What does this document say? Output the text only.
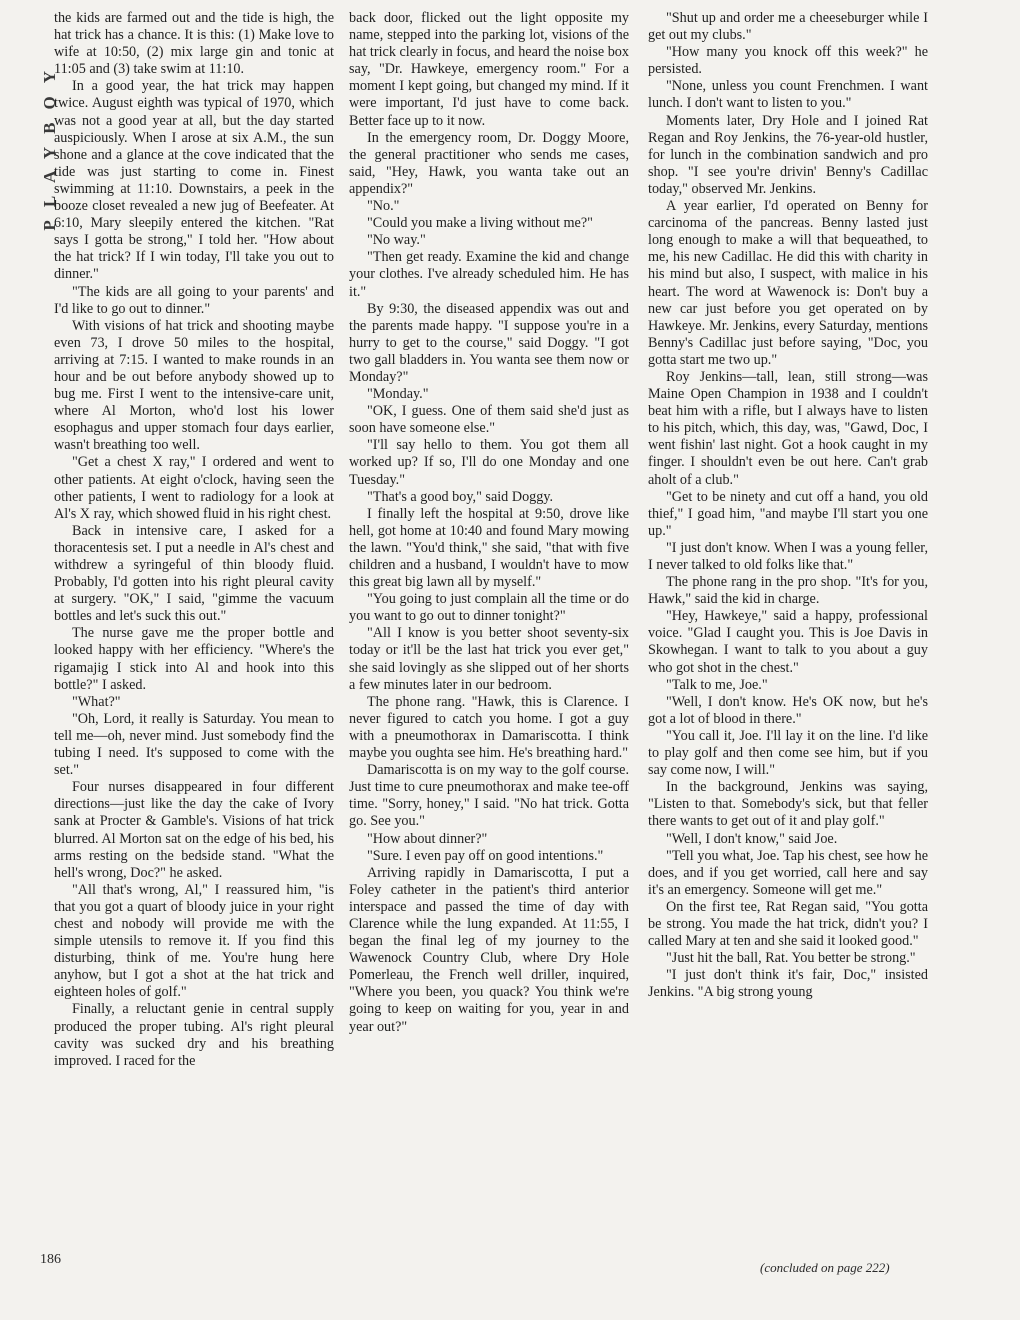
PLAYBOY
186

the kids are farmed out and the tide is high, the hat trick has a chance. It is this: (1) Make love to wife at 10:50, (2) mix large gin and tonic at 11:05 and (3) take swim at 11:10.

In a good year, the hat trick may happen twice. August eighth was typical of 1970, which was not a good year at all, but the day started auspiciously. When I arose at six A.M., the sun shone and a glance at the cove indicated that the tide was just starting to come in. Finest swimming at 11:10. Downstairs, a peek in the booze closet revealed a new jug of Beefeater. At 6:10, Mary sleepily entered the kitchen. "Rat says I gotta be strong," I told her. "How about the hat trick? If I win today, I'll take you out to dinner."

"The kids are all going to your parents' and I'd like to go out to dinner."

With visions of hat trick and shooting maybe even 73, I drove 50 miles to the hospital, arriving at 7:15. I wanted to make rounds in an hour and be out before anybody showed up to bug me. First I went to the intensive-care unit, where Al Morton, who'd lost his lower esophagus and upper stomach four days earlier, wasn't breathing too well.

"Get a chest X ray," I ordered and went to other patients. At eight o'clock, having seen the other patients, I went to radiology for a look at Al's X ray, which showed fluid in his right chest.

Back in intensive care, I asked for a thoracentesis set. I put a needle in Al's chest and withdrew a syringeful of thin bloody fluid. Probably, I'd gotten into his right pleural cavity at surgery. "OK," I said, "gimme the vacuum bottles and let's suck this out."

The nurse gave me the proper bottle and looked happy with her efficiency. "Where's the rigamajig I stick into Al and hook into this bottle?" I asked.

"What?"

"Oh, Lord, it really is Saturday. You mean to tell me—oh, never mind. Just somebody find the tubing I need. It's supposed to come with the set."

Four nurses disappeared in four different directions—just like the day the cake of Ivory sank at Procter & Gamble's. Visions of hat trick blurred. Al Morton sat on the edge of his bed, his arms resting on the bedside stand. "What the hell's wrong, Doc?" he asked.

"All that's wrong, Al," I reassured him, "is that you got a quart of bloody juice in your right chest and nobody will provide me with the simple utensils to remove it. If you find this disturbing, think of me. You're hung here anyhow, but I got a shot at the hat trick and eighteen holes of golf."

Finally, a reluctant genie in central supply produced the proper tubing. Al's right pleural cavity was sucked dry and his breathing improved. I raced for the

back door, flicked out the light opposite my name, stepped into the parking lot, visions of the hat trick clearly in focus, and heard the noise box say, "Dr. Hawkeye, emergency room." For a moment I kept going, but changed my mind. If it were important, I'd just have to come back. Better face up to it now.

In the emergency room, Dr. Doggy Moore, the general practitioner who sends me cases, said, "Hey, Hawk, you wanta take out an appendix?"

"No."

"Could you make a living without me?"

"No way."

"Then get ready. Examine the kid and change your clothes. I've already scheduled him. He has it."

By 9:30, the diseased appendix was out and the parents made happy. "I suppose you're in a hurry to get to the course," said Doggy. "I got two gall bladders in. You wanta see them now or Monday?"

"Monday."

"OK, I guess. One of them said she'd just as soon have someone else."

"I'll say hello to them. You got them all worked up? If so, I'll do one Monday and one Tuesday."

"That's a good boy," said Doggy.

I finally left the hospital at 9:50, drove like hell, got home at 10:40 and found Mary mowing the lawn. "You'd think," she said, "that with five children and a husband, I wouldn't have to mow this great big lawn all by myself."

"You going to just complain all the time or do you want to go out to dinner tonight?"

"All I know is you better shoot seventy-six today or it'll be the last hat trick you ever get," she said lovingly as she slipped out of her shorts a few minutes later in our bedroom.

The phone rang. "Hawk, this is Clarence. I never figured to catch you home. I got a guy with a pneumothorax in Damariscotta. I think maybe you oughta see him. He's breathing hard."

Damariscotta is on my way to the golf course. Just time to cure pneumothorax and make tee-off time. "Sorry, honey," I said. "No hat trick. Gotta go. See you."

"How about dinner?"

"Sure. I even pay off on good intentions."

Arriving rapidly in Damariscotta, I put a Foley catheter in the patient's third anterior interspace and passed the time of day with Clarence while the lung expanded. At 11:55, I began the final leg of my journey to the Wawenock Country Club, where Dry Hole Pomerleau, the French well driller, inquired, "Where you been, you quack? You think we're going to keep on waiting for you, year in and year out?"

"Shut up and order me a cheeseburger while I get out my clubs."

"How many you knock off this week?" he persisted.

"None, unless you count Frenchmen. I want lunch. I don't want to listen to you."

Moments later, Dry Hole and I joined Rat Regan and Roy Jenkins, the 76-year-old hustler, for lunch in the combination sandwich and pro shop. "I see you're drivin' Benny's Cadillac today," observed Mr. Jenkins.

A year earlier, I'd operated on Benny for carcinoma of the pancreas. Benny lasted just long enough to make a will that bequeathed, to me, his new Cadillac. He did this with charity in his mind but also, I suspect, with malice in his heart. The word at Wawenock is: Don't buy a new car just before you get operated on by Hawkeye. Mr. Jenkins, every Saturday, mentions Benny's Cadillac just before saying, "Doc, you gotta start me two up."

Roy Jenkins—tall, lean, still strong—was Maine Open Champion in 1938 and I couldn't beat him with a rifle, but I always have to listen to his pitch, which, this day, was, "Gawd, Doc, I went fishin' last night. Got a hook caught in my finger. I shouldn't even be out here. Can't grab aholt of a club."

"Get to be ninety and cut off a hand, you old thief," I goad him, "and maybe I'll start you one up."

"I just don't know. When I was a young feller, I never talked to old folks like that."

The phone rang in the pro shop. "It's for you, Hawk," said the kid in charge.

"Hey, Hawkeye," said a happy, professional voice. "Glad I caught you. This is Joe Davis in Skowhegan. I want to talk to you about a guy who got shot in the chest."

"Talk to me, Joe."

"Well, I don't know. He's OK now, but he's got a lot of blood in there."

"You call it, Joe. I'll lay it on the line. I'd like to play golf and then come see him, but if you say come now, I will."

In the background, Jenkins was saying, "Listen to that. Somebody's sick, but that feller there wants to get out of it and play golf."

"Well, I don't know," said Joe.

"Tell you what, Joe. Tap his chest, see how he does, and if you get worried, call here and say it's an emergency. Someone will get me."

On the first tee, Rat Regan said, "You gotta be strong. You made the hat trick, didn't you? I called Mary at ten and she said it looked good."

"Just hit the ball, Rat. You better be strong."

"I just don't think it's fair, Doc," insisted Jenkins. "A big strong young

(concluded on page 222)
